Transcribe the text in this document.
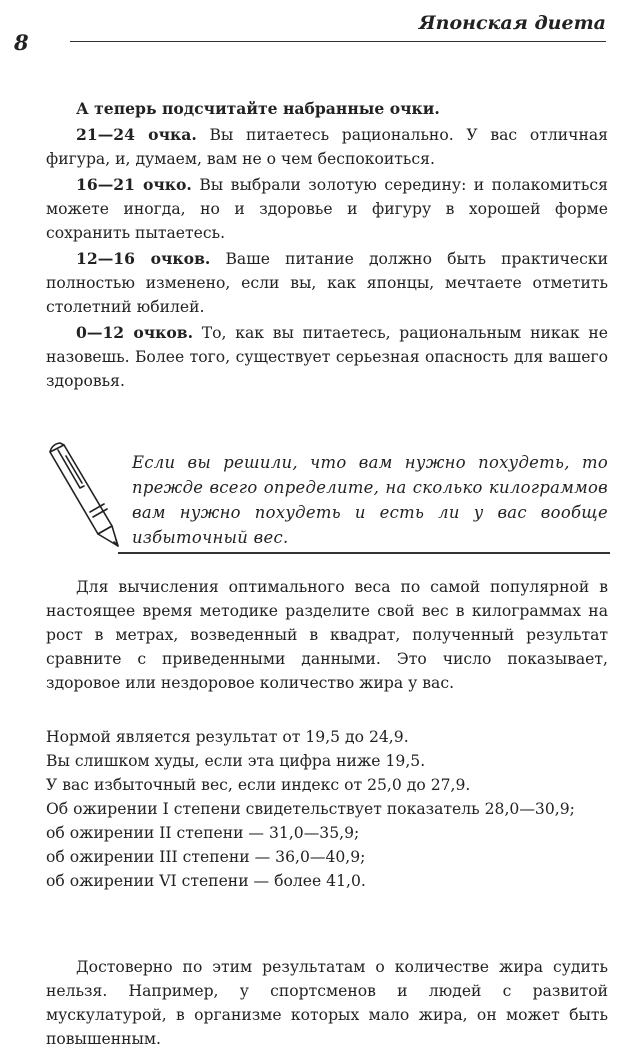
8
Японская диета

А теперь подсчитайте набранные очки.

21—24 очка. Вы питаетесь рационально. У вас отличная фигура, и, думаем, вам не о чем беспокоиться.

16—21 очко. Вы выбрали золотую середину: и полакомиться можете иногда, но и здоровье и фигуру в хорошей форме сохранить пытаетесь.

12—16 очков. Ваше питание должно быть практически полностью изменено, если вы, как японцы, мечтаете отметить столетний юбилей.

0—12 очков. То, как вы питаетесь, рациональным никак не назовешь. Более того, существует серьезная опасность для вашего здоровья.

Если вы решили, что вам нужно похудеть, то прежде всего определите, на сколько килограммов вам нужно похудеть и есть ли у вас вообще избыточный вес.

Для вычисления оптимального веса по самой популярной в настоящее время методике разделите свой вес в килограммах на рост в метрах, возведенный в квадрат, полученный результат сравните с приведенными данными. Это число показывает, здоровое или нездоровое количество жира у вас.

Нормой является результат от 19,5 до 24,9.

Вы слишком худы, если эта цифра ниже 19,5.

У вас избыточный вес, если индекс от 25,0 до 27,9.

Об ожирении I степени свидетельствует показатель 28,0—30,9;

об ожирении II степени — 31,0—35,9;

об ожирении III степени — 36,0—40,9;

об ожирении VI степени — более 41,0.

Достоверно по этим результатам о количестве жира судить нельзя. Например, у спортсменов и людей с развитой мускулатурой, в организме которых мало жира, он может быть повышенным.
